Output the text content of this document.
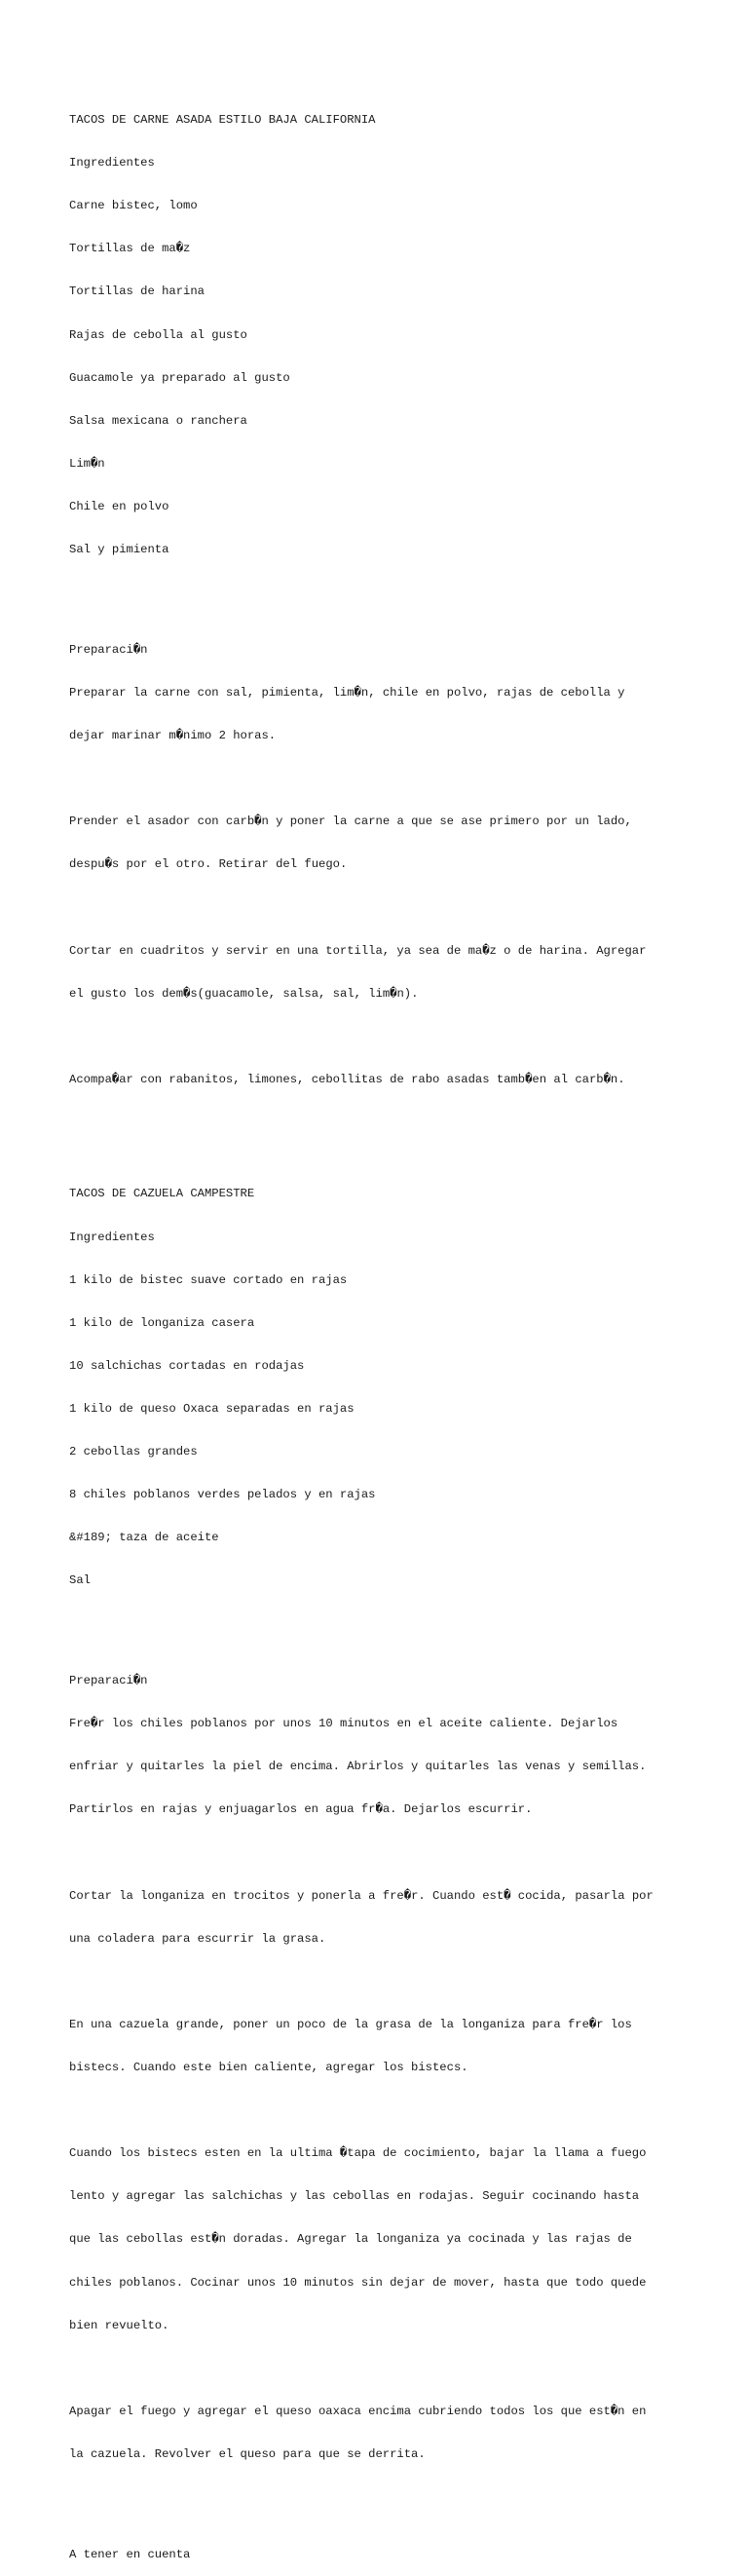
TACOS DE CARNE ASADA ESTILO BAJA CALIFORNIA

Ingredientes

Carne bistec, lomo

Tortillas de ma�z

Tortillas de harina

Rajas de cebolla al gusto

Guacamole ya preparado al gusto

Salsa mexicana o ranchera

Lim�n

Chile en polvo

Sal y pimienta

Preparaci�n

Preparar la carne con sal, pimienta, lim�n, chile en polvo, rajas de cebolla y

dejar marinar m�nimo 2 horas.

Prender el asador con carb�n y poner la carne a que se ase primero por un lado,

despu�s por el otro. Retirar del fuego.

Cortar en cuadritos y servir en una tortilla, ya sea de ma�z o de harina. Agregar

el gusto los dem�s(guacamole, salsa, sal, lim�n).

Acompa�ar con rabanitos, limones, cebollitas de rabo asadas tamb�en al carb�n.

TACOS DE CAZUELA CAMPESTRE

Ingredientes

1 kilo de bistec suave cortado en rajas

1 kilo de longaniza casera

10 salchichas cortadas en rodajas

1 kilo de queso Oxaca separadas en rajas

2 cebollas grandes

8 chiles poblanos verdes pelados y en rajas

&#189; taza de aceite

Sal

Preparaci�n

Fre�r los chiles poblanos por unos 10 minutos en el aceite caliente. Dejarlos

enfriar y quitarles la piel de encima. Abrirlos y quitarles las venas y semillas.

Partirlos en rajas y enjuagarlos en agua fr�a. Dejarlos escurrir.

Cortar la longaniza en trocitos y ponerla a fre�r. Cuando est� cocida, pasarla por

una coladera para escurrir la grasa.

En una cazuela grande, poner un poco de la grasa de la longaniza para fre�r los

bistecs. Cuando este bien caliente, agregar los bistecs.

Cuando los bistecs esten en la ultima �tapa de cocimiento, bajar la llama a fuego

lento y agregar las salchichas y las cebollas en rodajas. Seguir cocinando hasta

que las cebollas est�n doradas. Agregar la longaniza ya cocinada y las rajas de

chiles poblanos. Cocinar unos 10 minutos sin dejar de mover, hasta que todo quede

bien revuelto.

Apagar el fuego y agregar el queso oaxaca encima cubriendo todos los que est�n en

la cazuela. Revolver el queso para que se derrita.

A tener en cuenta
